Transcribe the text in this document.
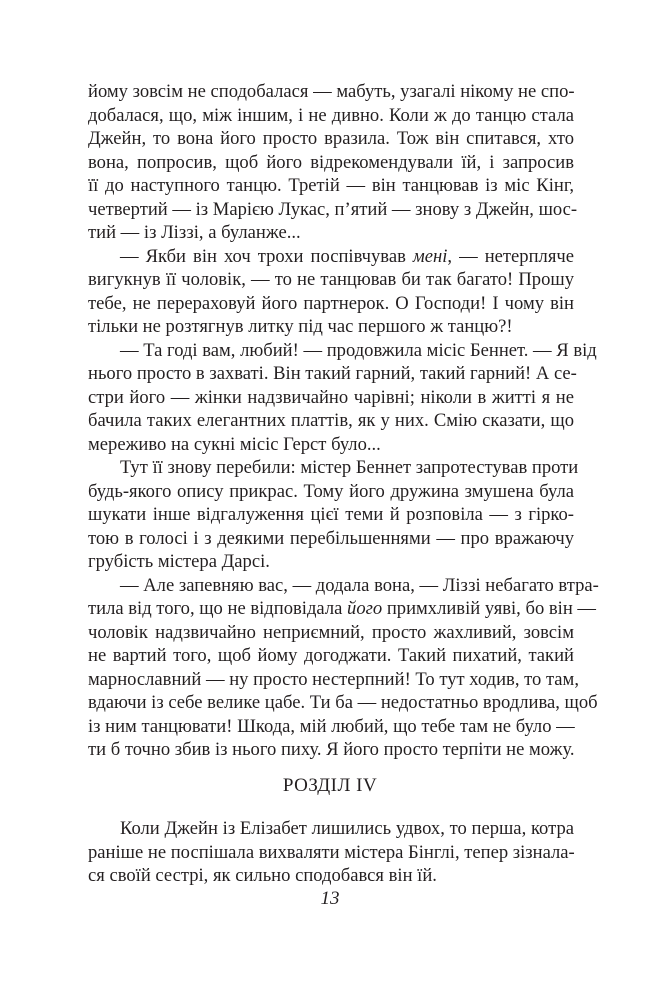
йому зовсім не сподобалася — мабуть, узагалі нікому не спо-
добалася, що, між іншим, і не дивно. Коли ж до танцю стала
Джейн, то вона його просто вразила. Тож він спитався, хто
вона, попросив, щоб його відрекомендували їй, і запросив
її до наступного танцю. Третій — він танцював із міс Кінг,
четвертий — із Марією Лукас, п’ятий — знову з Джейн, шос-
тий — із Ліззі, а буланже...
— Якби він хоч трохи поспівчував мені, — нетерпляче
вигукнув її чоловік, — то не танцював би так багато! Прошу
тебе, не перераховуй його партнерок. О Господи! І чому він
тільки не розтягнув литку під час першого ж танцю?!
— Та годі вам, любий! — продовжила місіс Беннет. — Я від
нього просто в захваті. Він такий гарний, такий гарний! А се-
стри його — жінки надзвичайно чарівні; ніколи в житті я не
бачила таких елегантних платтів, як у них. Смію сказати, що
мереживо на сукні місіс Герст було...
Тут її знову перебили: містер Беннет запротестував проти
будь-якого опису прикрас. Тому його дружина змушена була
шукати інше відгалуження цієї теми й розповіла — з гірко-
тою в голосі і з деякими перебільшеннями — про вражаючу
грубість містера Дарсі.
— Але запевняю вас, — додала вона, — Ліззі небагато втра-
тила від того, що не відповідала його примхливій уяві, бо він —
чоловік надзвичайно неприємний, просто жахливий, зовсім
не вартий того, щоб йому догоджати. Такий пихатий, такий
марнославний — ну просто нестерпний! То тут ходив, то там,
вдаючи із себе велике цабе. Ти ба — недостатньо вродлива, щоб
із ним танцювати! Шкода, мій любий, що тебе там не було —
ти б точно збив із нього пиху. Я його просто терпіти не можу.
РОЗДІЛ IV
Коли Джейн із Елізабет лишились удвох, то перша, котра
раніше не поспішала вихваляти містера Бінглі, тепер зізнала-
ся своїй сестрі, як сильно сподобався він їй.
13
